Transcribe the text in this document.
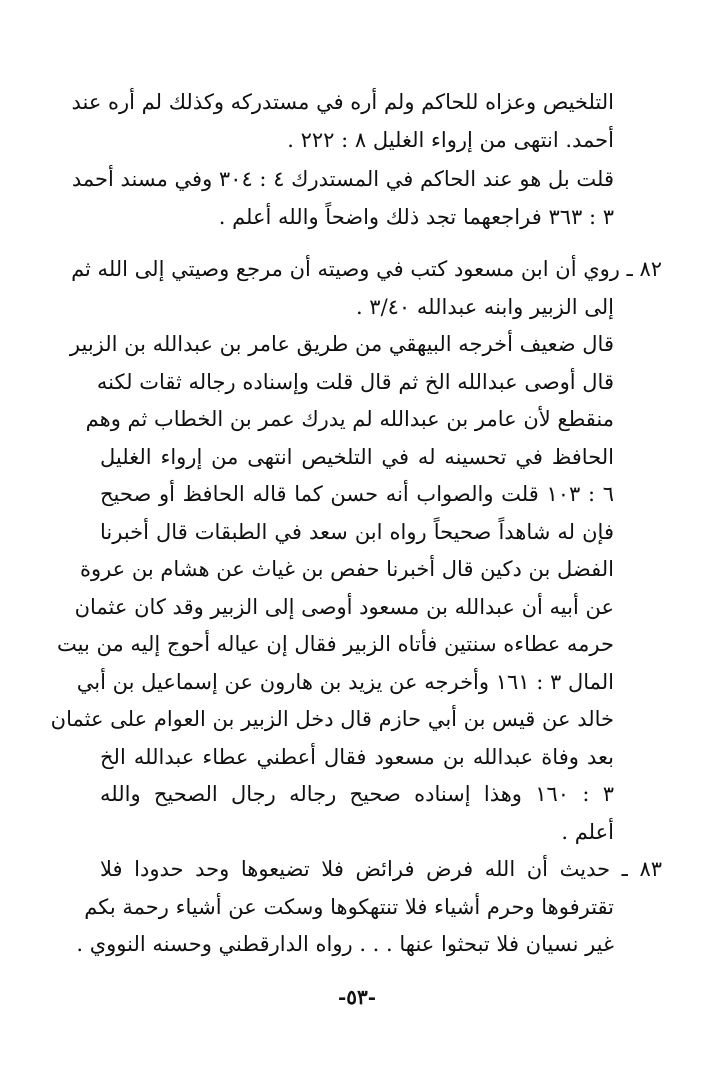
التلخيص وعزاه للحاكم ولم أره في مستدركه وكذلك لم أره عند
أحمد. انتهى من إرواء الغليل ٨ : ٢٢٢ .
قلت بل هو عند الحاكم في المستدرك ٤ : ٣٠٤ وفي مسند أحمد
٣ : ٣٦٣ فراجعهما تجد ذلك واضحاً والله أعلم .
٨٢ ـ روي أن ابن مسعود كتب في وصيته أن مرجع وصيتي إلى الله ثم
إلى الزبير وابنه عبدالله ٣/٤٠ .
قال ضعيف أخرجه البيهقي من طريق عامر بن عبدالله بن الزبير
قال أوصى عبدالله الخ ثم قال قلت وإسناده رجاله ثقات لكنه
منقطع لأن عامر بن عبدالله لم يدرك عمر بن الخطاب ثم وهم
الحافظ في تحسينه له في التلخيص انتهى من إرواء الغليل
٦ : ١٠٣ قلت والصواب أنه حسن كما قاله الحافظ أو صحيح
فإن له شاهداً صحيحاً رواه ابن سعد في الطبقات قال أخبرنا
الفضل بن دكين قال أخبرنا حفص بن غياث عن هشام بن عروة
عن أبيه أن عبدالله بن مسعود أوصى إلى الزبير وقد كان عثمان
حرمه عطاءه سنتين فأتاه الزبير فقال إن عياله أحوج إليه من بيت
المال ٣ : ١٦١ وأخرجه عن يزيد بن هارون عن إسماعيل بن أبي
خالد عن قيس بن أبي حازم قال دخل الزبير بن العوام على عثمان
بعد وفاة عبدالله بن مسعود فقال أعطني عطاء عبدالله الخ
٣ : ١٦٠ وهذا إسناده صحيح رجاله رجال الصحيح والله
أعلم .
٨٣ ـ حديث أن الله فرض فرائض فلا تضيعوها وحد حدودا فلا
تقترفوها وحرم أشياء فلا تنتهكوها وسكت عن أشياء رحمة بكم
غير نسيان فلا تبحثوا عنها . . . رواه الدارقطني وحسنه النووي .
-٥٣-
